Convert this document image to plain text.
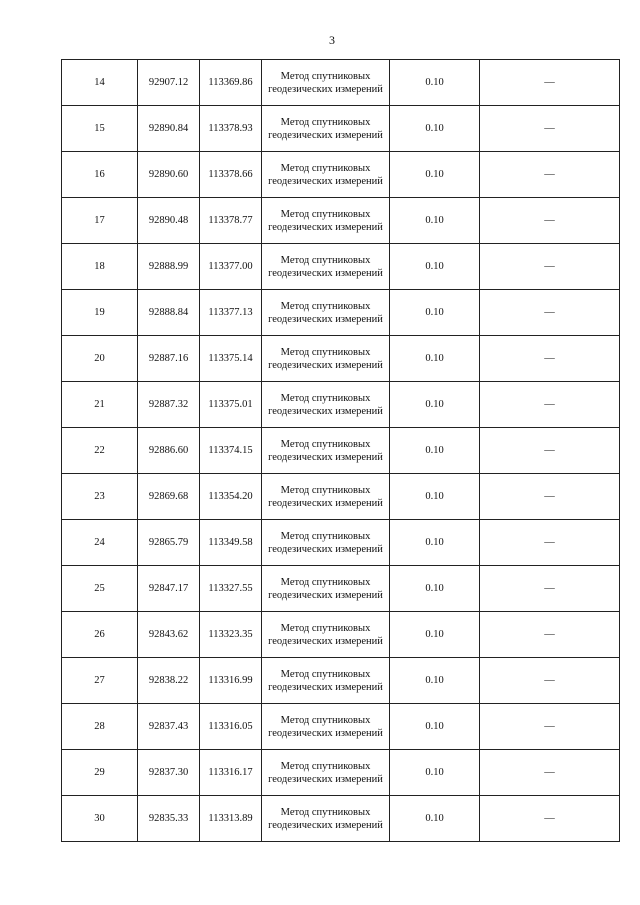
3
14	92907.12	113369.86	Метод спутниковых геодезических измерений	0.10	—
15	92890.84	113378.93	Метод спутниковых геодезических измерений	0.10	—
16	92890.60	113378.66	Метод спутниковых геодезических измерений	0.10	—
17	92890.48	113378.77	Метод спутниковых геодезических измерений	0.10	—
18	92888.99	113377.00	Метод спутниковых геодезических измерений	0.10	—
19	92888.84	113377.13	Метод спутниковых геодезических измерений	0.10	—
20	92887.16	113375.14	Метод спутниковых геодезических измерений	0.10	—
21	92887.32	113375.01	Метод спутниковых геодезических измерений	0.10	—
22	92886.60	113374.15	Метод спутниковых геодезических измерений	0.10	—
23	92869.68	113354.20	Метод спутниковых геодезических измерений	0.10	—
24	92865.79	113349.58	Метод спутниковых геодезических измерений	0.10	—
25	92847.17	113327.55	Метод спутниковых геодезических измерений	0.10	—
26	92843.62	113323.35	Метод спутниковых геодезических измерений	0.10	—
27	92838.22	113316.99	Метод спутниковых геодезических измерений	0.10	—
28	92837.43	113316.05	Метод спутниковых геодезических измерений	0.10	—
29	92837.30	113316.17	Метод спутниковых геодезических измерений	0.10	—
30	92835.33	113313.89	Метод спутниковых геодезических измерений	0.10	—
